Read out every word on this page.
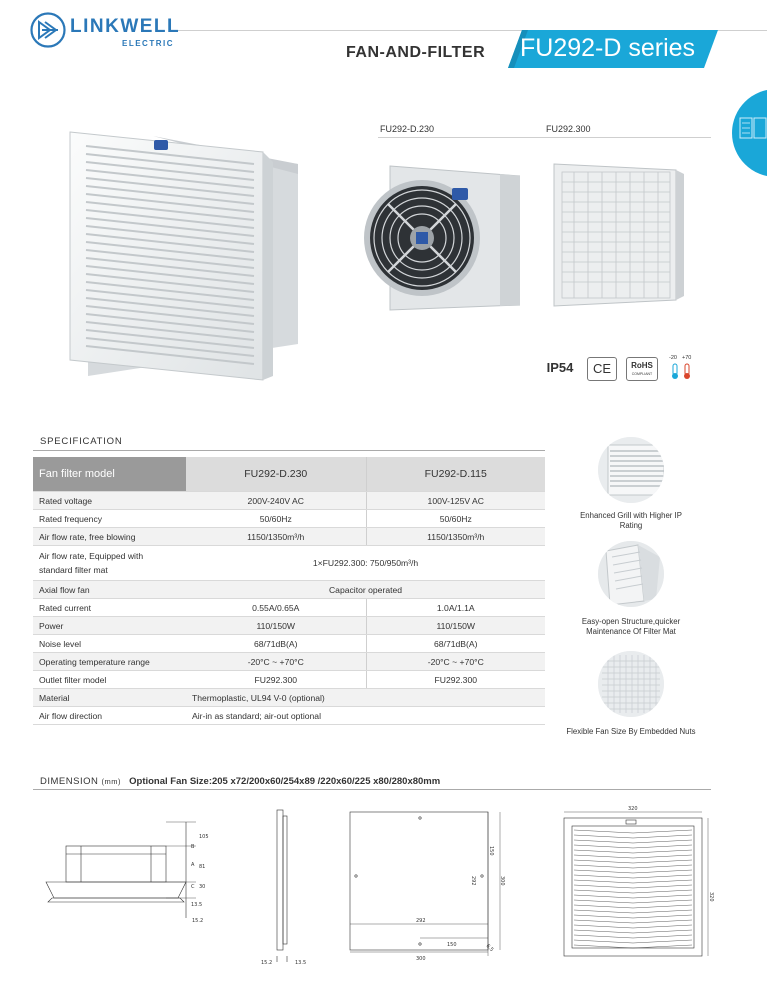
LINKWELL
ELECTRIC
FAN-AND-FILTER FU292-D series
FU292-D.230	FU292.300
IP54	CE	RoHS
COMPLIANT
-20 +70
SPECIFICATION
Fan filter model	FU292-D.230	FU292-D.115
Rated voltage	200V-240V AC	100V-125V AC
Rated frequency	50/60Hz	50/60Hz
Air flow rate, free blowing	1150/1350m³/h	1150/1350m³/h

Air flow rate, Equipped with
standard filter mat	1×FU292.300: 750/950m³/h	
Axial flow fan	Capacitor operated	
Rated current	0.55A/0.65A	1.0A/1.1A
Power	110/150W	110/150W
Noise level	68/71dB(A)	68/71dB(A)
Operating temperature range	-20°C ~ +70°C	-20°C ~ +70°C
Outlet filter model	FU292.300	FU292.300
Material	Thermoplastic, UL94 V-0 (optional)	
Air flow direction	Air-in as standard; air-out optional	
Enhanced Grill with Higher IP Rating
Easy-open Structure,quicker
Maintenance Of Filter Mat
Flexible Fan Size By Embedded Nuts
DIMENSION (mm) Optional Fan Size:205 x72/200x60/254x89 /220x60/225 x80/280x80mm
105
B
81
A
C 30
13.5
15.2
15.2	13.5
150
292	300
292
150
300
6.5
320
320
